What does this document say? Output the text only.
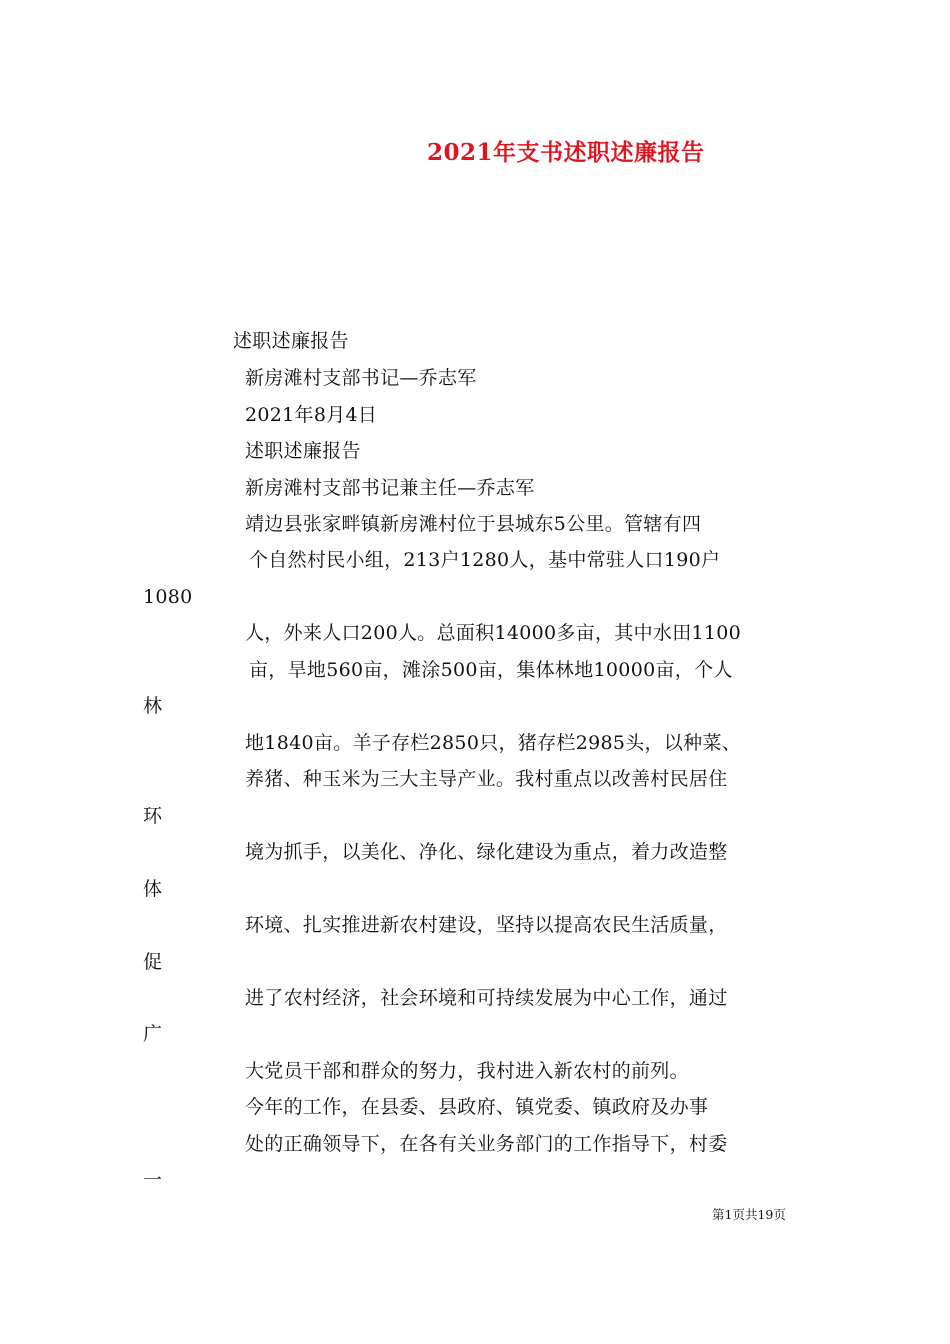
2021年支书述职述廉报告
述职述廉报告
新房滩村支部书记—乔志军
2021年8月4日
述职述廉报告
新房滩村支部书记兼主任—乔志军
靖边县张家畔镇新房滩村位于县城东5公里。管辖有四
个自然村民小组，213户1280人，基中常驻人口190户
1080
人，外来人口200人。总面积14000多亩，其中水田1100
亩，旱地560亩，滩涂500亩，集体林地10000亩，个人
林
地1840亩。羊子存栏2850只，猪存栏2985头，以种菜、
养猪、种玉米为三大主导产业。我村重点以改善村民居住
环
境为抓手，以美化、净化、绿化建设为重点，着力改造整
体
环境、扎实推进新农村建设，坚持以提高农民生活质量，
促
进了农村经济，社会环境和可持续发展为中心工作，通过
广
大党员干部和群众的努力，我村进入新农村的前列。
今年的工作，在县委、县政府、镇党委、镇政府及办事
处的正确领导下，在各有关业务部门的工作指导下，村委
一
第1页共19页
